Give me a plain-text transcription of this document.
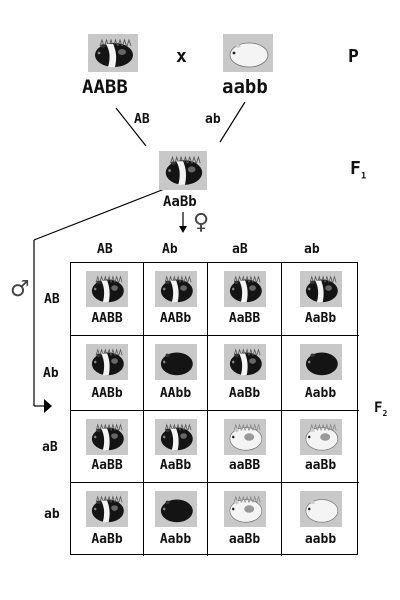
AABB
x
aabb
P
AB	ab
AaBb
$F_1$
♀
♂
$F_2$
AB	Ab	aB	ab
AB
Ab
aB
ab
AABB	AABb	AaBB	AaBb
AABb	AAbb	AaBb	Aabb
AaBB	AaBb	aaBB	aaBb
AaBb	Aabb	aaBb	aabb
